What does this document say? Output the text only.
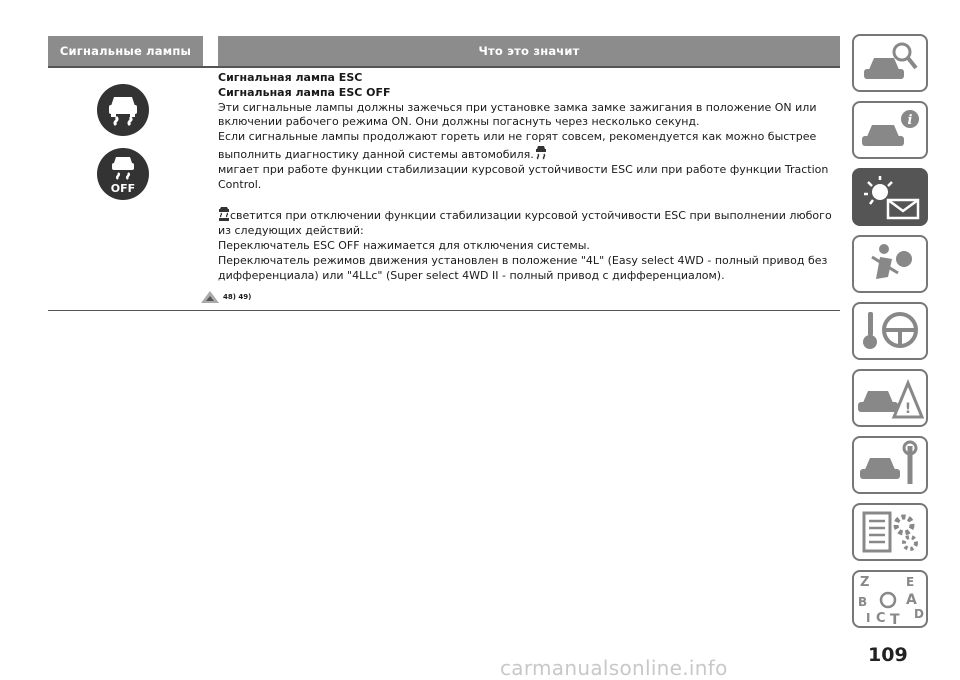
Сигнальные лампы	Что это значит
OFF

Сигнальная лампа ESC

Сигнальная лампа ESC OFF

Эти сигнальные лампы должны зажечься при установке замка замке зажигания в положение ON или включении рабочего режима ON. Они должны погаснуть через несколько секунд.

Если сигнальные лампы продолжают гореть или не горят совсем, рекомендуется как можно быстрее выполнить диагностику данной системы автомобиля.

мигает при работе функции стабилизации курсовой устойчивости ESC или при работе функции Traction Control.

светится при отключении функции стабилизации курсовой устойчивости ESC при выполнении любого из следующих действий:

Переключатель ESC OFF нажимается для отключения системы.

Переключатель режимов движения установлен в положение "4L" (Easy select 4WD - полный привод без дифференциала) или "4LLc" (Super select 4WD II - полный привод с дифференциалом).

48) 49)
i
!
Z	E
A
B
D
I C T
109
carmanualsonline.info
